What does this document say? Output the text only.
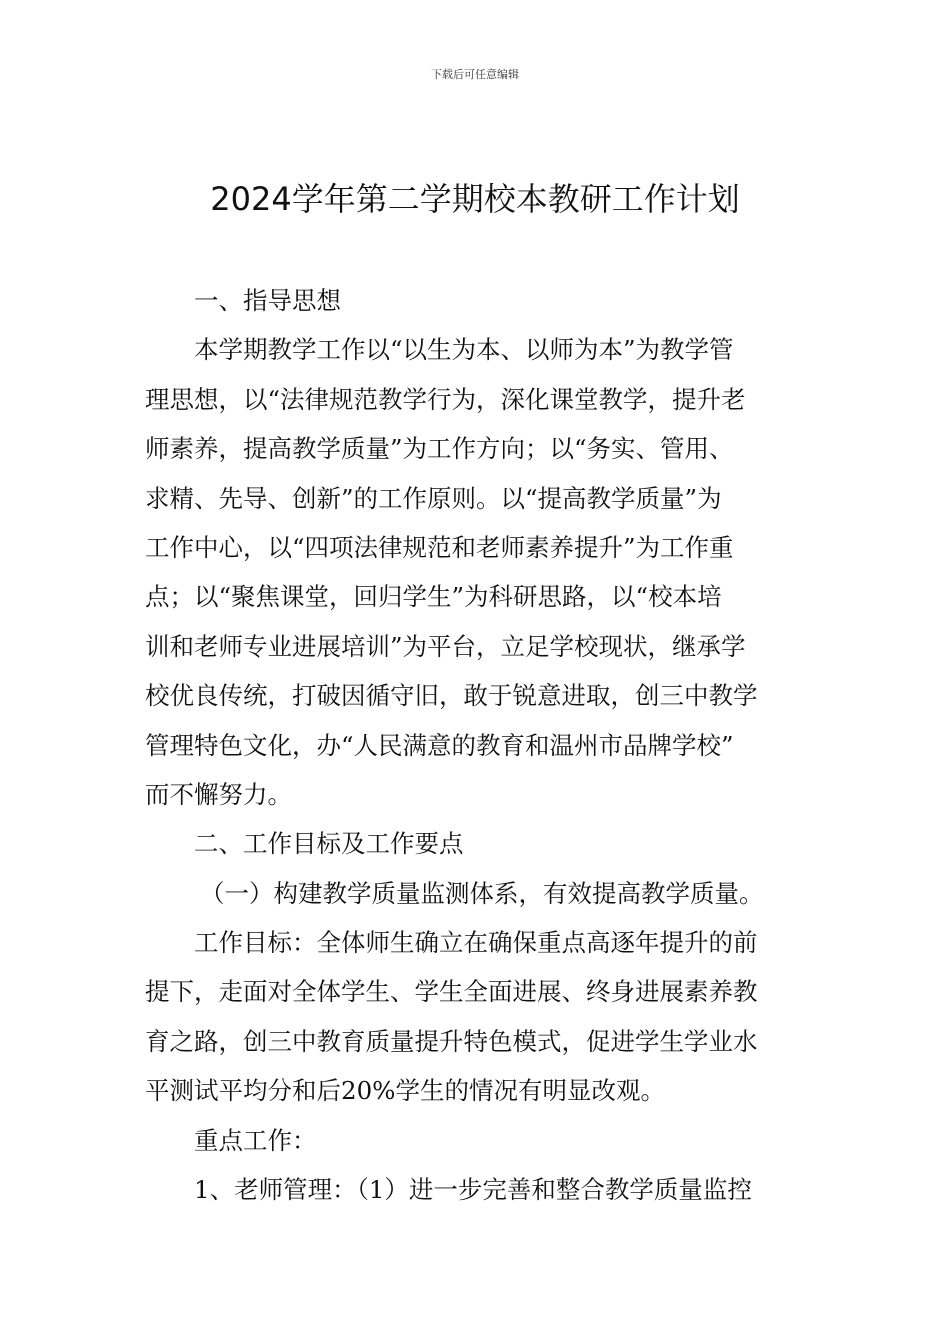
下载后可任意编辑
2024学年第二学期校本教研工作计划
一、指导思想
本学期教学工作以“以生为本、以师为本”为教学管
理思想，以“法律规范教学行为，深化课堂教学，提升老
师素养，提高教学质量”为工作方向；以“务实、管用、
求精、先导、创新”的工作原则。以“提高教学质量”为
工作中心，以“四项法律规范和老师素养提升”为工作重
点；以“聚焦课堂，回归学生”为科研思路，以“校本培
训和老师专业进展培训”为平台，立足学校现状，继承学
校优良传统，打破因循守旧，敢于锐意进取，创三中教学
管理特色文化，办“人民满意的教育和温州市品牌学校”
而不懈努力。
二、工作目标及工作要点
（一）构建教学质量监测体系，有效提高教学质量。
工作目标：全体师生确立在确保重点高逐年提升的前
提下，走面对全体学生、学生全面进展、终身进展素养教
育之路，创三中教育质量提升特色模式，促进学生学业水
平测试平均分和后20%学生的情况有明显改观。
重点工作：
1、老师管理：（1）进一步完善和整合教学质量监控
